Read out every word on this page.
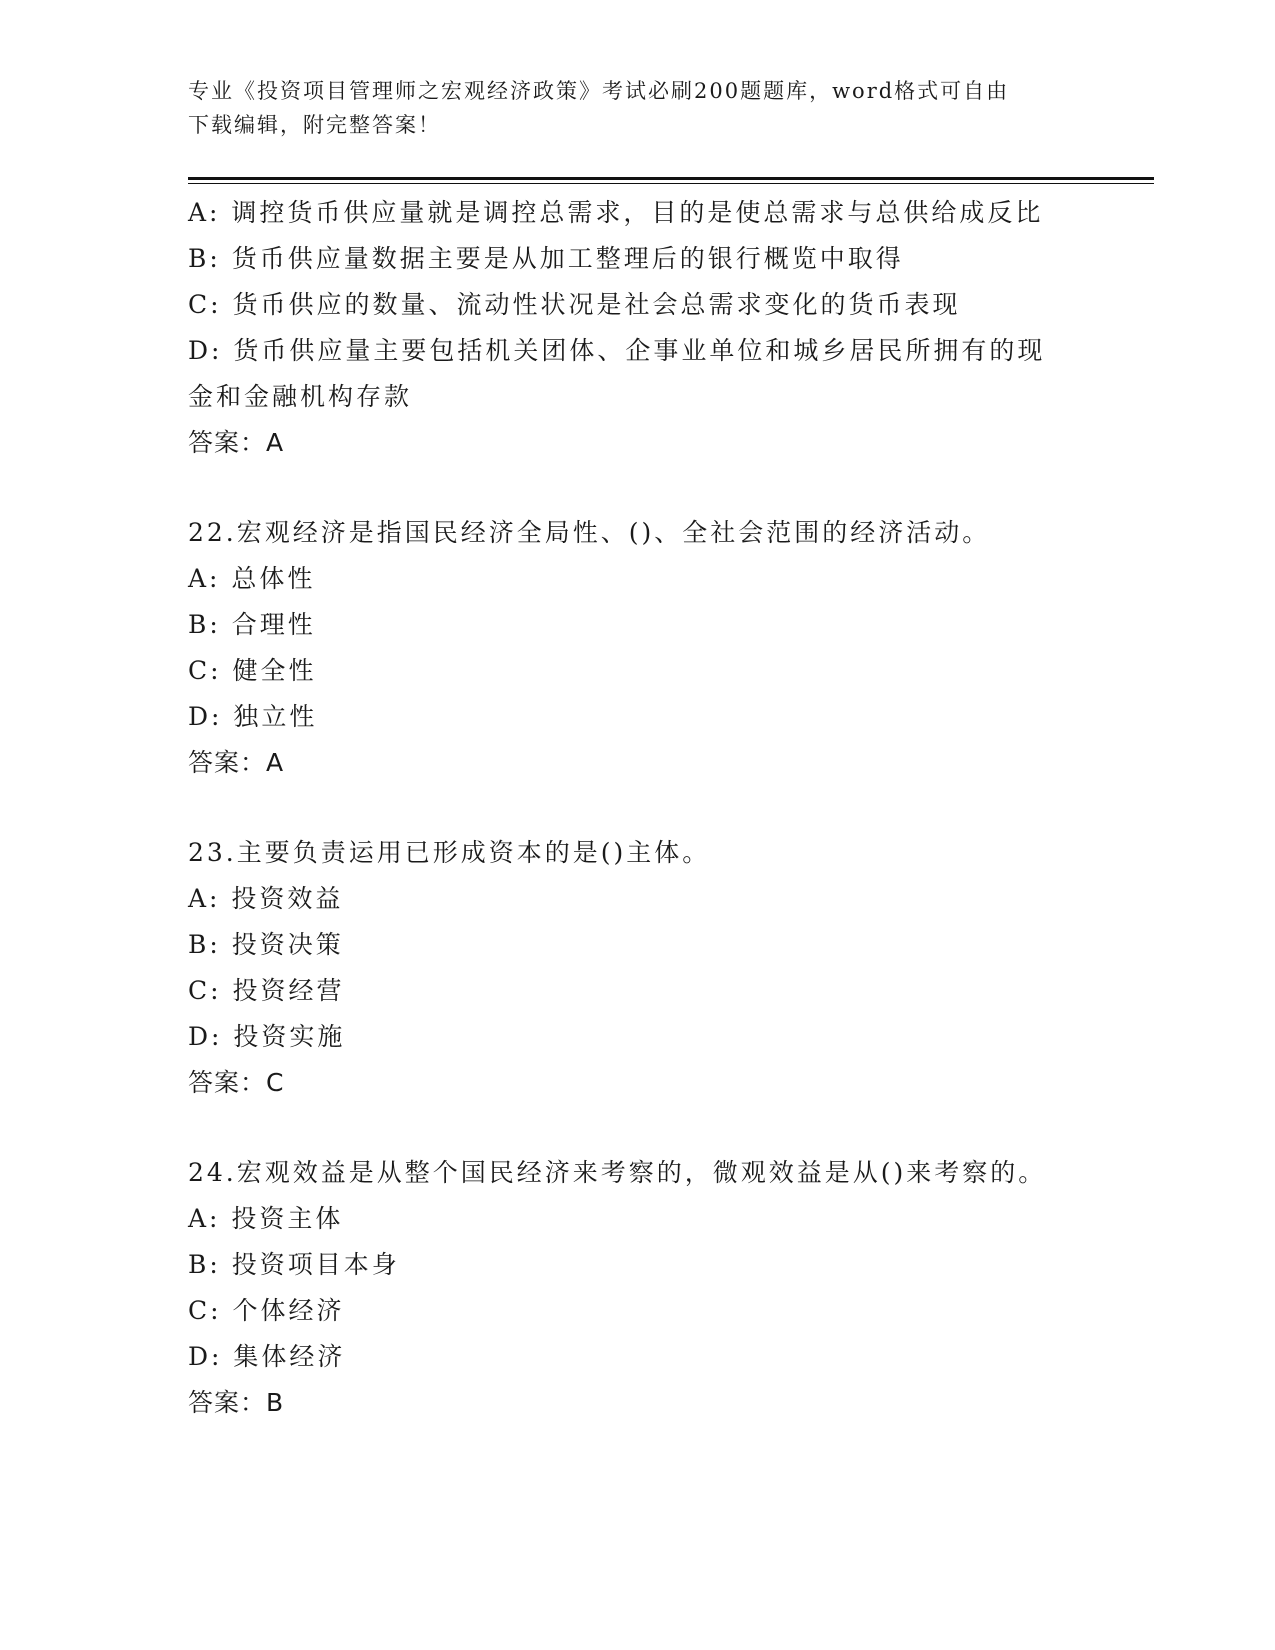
专业《投资项目管理师之宏观经济政策》考试必刷200题题库，word格式可自由
下载编辑，附完整答案！
A: 调控货币供应量就是调控总需求，目的是使总需求与总供给成反比
B: 货币供应量数据主要是从加工整理后的银行概览中取得
C: 货币供应的数量、流动性状况是社会总需求变化的货币表现
D: 货币供应量主要包括机关团体、企事业单位和城乡居民所拥有的现
金和金融机构存款
答案：A
22.宏观经济是指国民经济全局性、()、全社会范围的经济活动。
A: 总体性
B: 合理性
C: 健全性
D: 独立性
答案：A
23.主要负责运用已形成资本的是()主体。
A: 投资效益
B: 投资决策
C: 投资经营
D: 投资实施
答案：C
24.宏观效益是从整个国民经济来考察的，微观效益是从()来考察的。
A: 投资主体
B: 投资项目本身
C: 个体经济
D: 集体经济
答案：B
